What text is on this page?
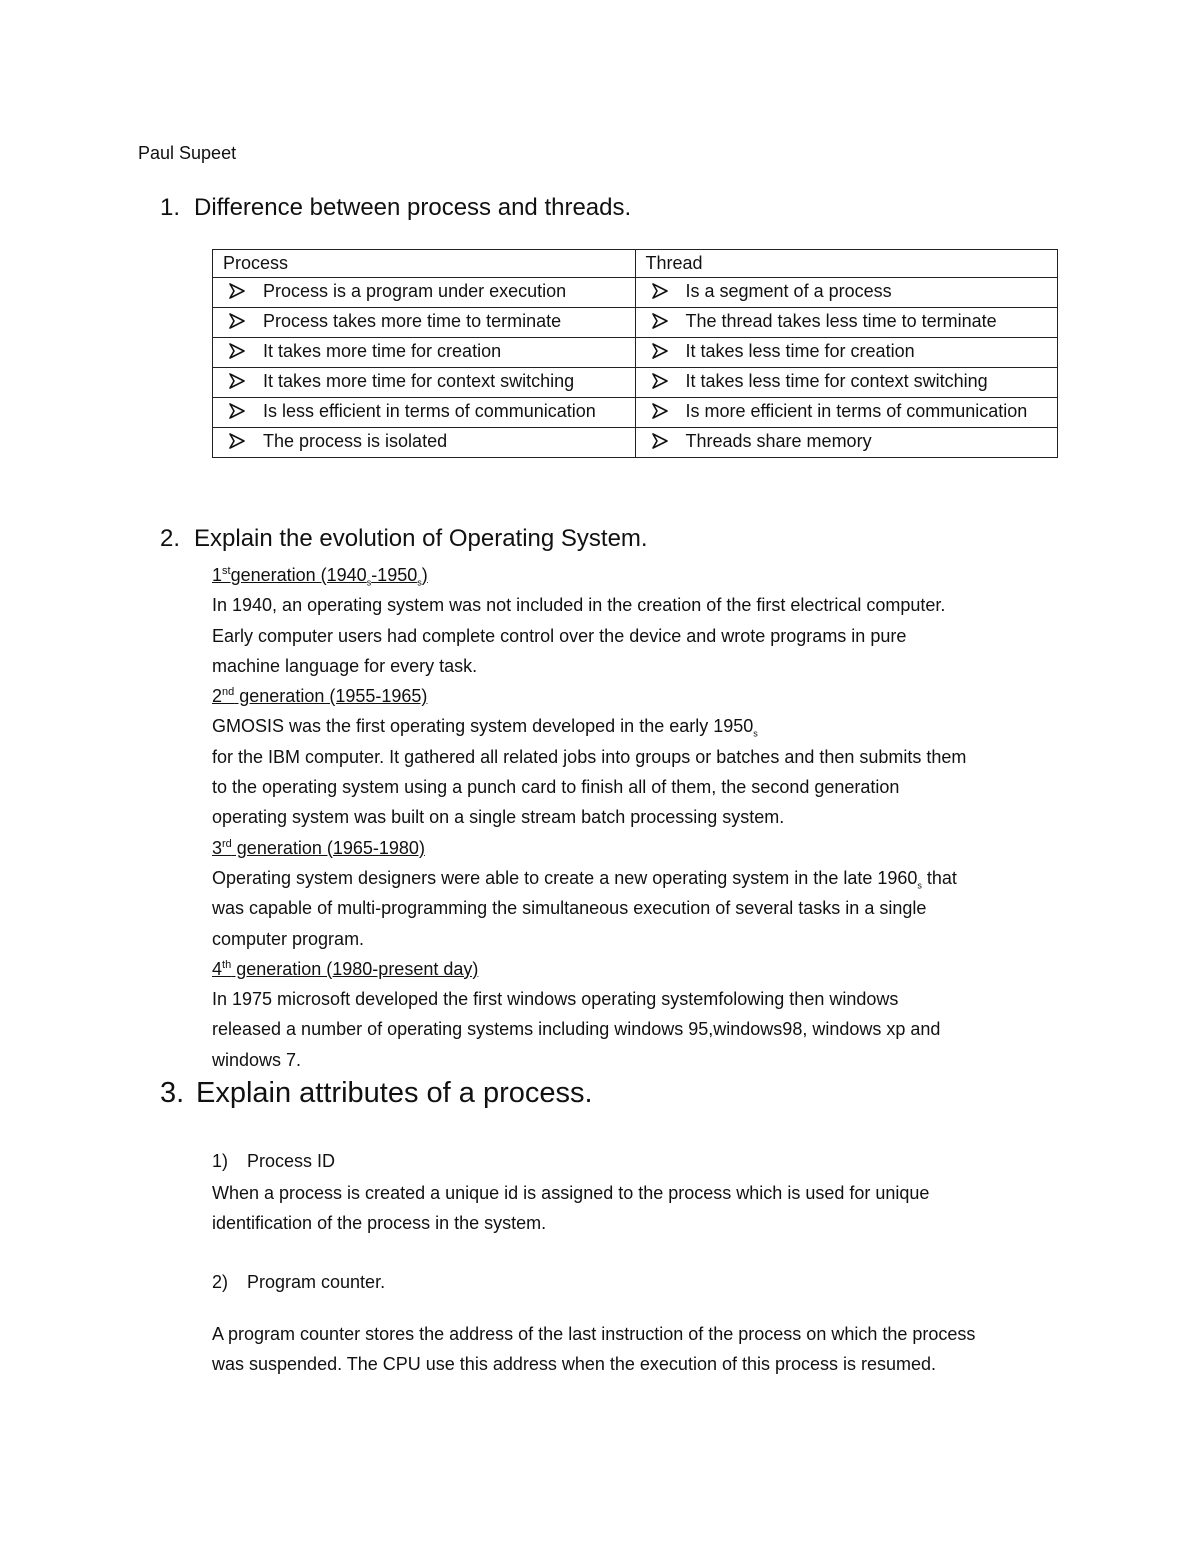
Paul Supeet
1. Difference between process and threads.
Process	Thread

Process is a program under execution	Is a segment of a process

Process takes more time to terminate	The thread takes less time to terminate

It takes more time for creation	It takes less time for creation

It takes more time for context switching	It takes less time for context switching

Is less efficient in terms of communication	Is more efficient in terms of communication

The process is isolated	Threads share memory
2. Explain the evolution of Operating System.
1stgeneration $(1940_s-1950_s)$
In 1940, an operating system was not included in the creation of the first electrical computer.
Early computer users had complete control over the device and wrote programs in pure
machine language for every task.
2nd generation (1955-1965)
GMOSIS was the first operating system developed in the early $1950_s$
for the IBM computer. It gathered all related jobs into groups or batches and then submits them
to the operating system using a punch card to finish all of them, the second generation
operating system was built on a single stream batch processing system.
3rd generation (1965-1980)
Operating system designers were able to create a new operating system in the late $1960_s$ that
was capable of multi-programming the simultaneous execution of several tasks in a single
computer program.
4th generation (1980-present day)
In 1975 microsoft developed the first windows operating systemfolowing then windows
released a number of operating systems including windows 95,windows98, windows xp and
windows 7.
3. Explain attributes of a process.
1) Process ID
When a process is created a unique id is assigned to the process which is used for unique
identification of the process in the system.
2) Program counter.
A program counter stores the address of the last instruction of the process on which the process
was suspended. The CPU use this address when the execution of this process is resumed.
